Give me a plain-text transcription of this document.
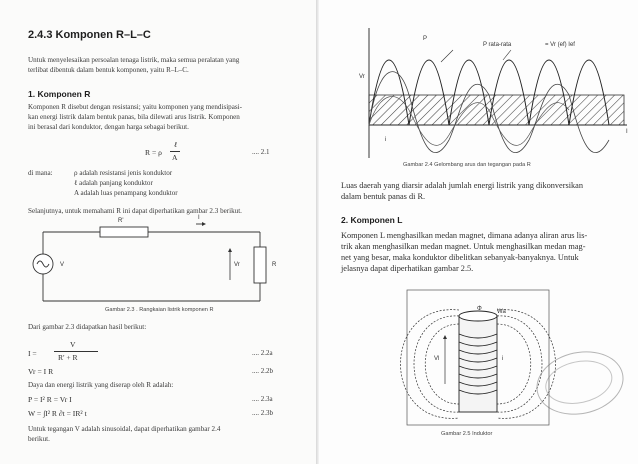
2.4.3 Komponen R–L–C
Untuk menyelesaikan persoalan tenaga listrik, maka semua peralatan yang
terlibat dibentuk dalam bentuk komponen, yaitu R–L–C.
1. Komponen R
Komponen R disebut dengan resistansi; yaitu komponen yang mendisipasi-
kan energi listrik dalam bentuk panas, bila dilewati arus listrik. Komponen
ini berasal dari konduktor, dengan harga sebagai berikut.
R = ρ
ℓ
A
.... 2.1
di mana:	ρ adalah resistansi jenis konduktor
ℓ adalah panjang konduktor
A adalah luas penampang konduktor
Selanjutnya, untuk memahami R ini dapat diperhatikan gambar 2.3 berikut.
R'	I
V	Vr	R
Gambar 2.3 . Rangkaian listrik komponen R
Dari gambar 2.3 didapatkan hasil berikut:
I =
V
R' + R	.... 2.2a
Vr = I R	.... 2.2b
Daya dan energi listrik yang diserap oleh R adalah:
P = I² R = Vr I	.... 2.3a
W = ∫I² R ∂t = IR² t	.... 2.3b
Untuk tegangan V adalah sinusoidal, dapat diperhatikan gambar 2.4
berikut.
P
P rata-rata	= Vr (ef) Ief
Vr
i
I
Gambar 2.4 Gelombang arus dan tegangan pada R
Luas daerah yang diarsir adalah jumlah energi listrik yang dikonversikan
dalam bentuk panas di R.
2. Komponen L
Komponen L menghasilkan medan magnet, dimana adanya aliran arus lis-
trik akan menghasilkan medan magnet. Untuk menghasilkan medan mag-
net yang besar, maka konduktor dibelitkan sebanyak-banyaknya. Untuk
jelasnya dapat diperhatikan gambar 2.5.
Φ	Wa
Vl	i
Gambar 2.5 Induktor
